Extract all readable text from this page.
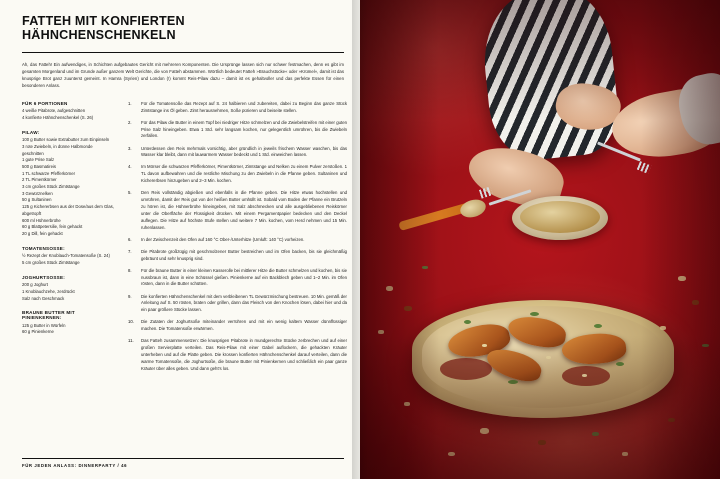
FATTEH MIT KONFIERTEN HÄHNCHENSCHENKELN

Ah, das Fatteh! Ein aufwendiges, in Schichten aufgebautes Gericht mit mehreren Komponenten. Die Ursprünge lassen sich nur schwer festmachen, denn es gibt im gesamten Morgenland und im Grunde außer ganzem Welt Gerichte, die von Fatteh abstammen. Wörtlich bedeutet Fatteh »Brauchstücke« oder »Krümel«, damit ist das knusprige Brot ganz zuunterst gemeint. In Hamra (Syrien) und London (!) kommt Reis-Pilaw dazu – damit ist es gehaltvoller und das perfekte Essen für einen besonderen Anlass.

FÜR 6 PORTIONEN

4 weiße Pitabrote, aufgeschnitten

4 konfierte Hähnchenschenkel (S. 26)

PILAW:

100 g Butter sowie Extrabutter zum Einpinseln

3 rote Zwiebeln, in dünne Halbmonde geschnitten

1 gute Prise Salz

500 g Basmatireis

1 TL schwarze Pfefferkörner

2 TL Pimentkörner

3 cm großes Stück Zimtstange

3 Gewürznelken

50 g Sultaninen

125 g Kichererbsen aus der Dose/aus dem Glas, abgetropft

600 ml Hühnerbrühe

60 g Blattpetersilie, fein gehackt

20 g Dill, fein gehackt

TOMATENSOSSE:

½ Rezept der Knoblauch-Tomatensoße (S. 24)

5 cm großes Stück Zimtstange

JOGHURTSOSSE:

200 g Joghurt

1 Knoblauchzehe, zerdrückt

Salz nach Geschmack

BRAUNE BUTTER MIT PINIENKERNEN:

125 g Butter in Würfeln

60 g Pinienkerne

1.	Für die Tomatensoße das Rezept auf S. 24 halbieren und zubereiten, dabei zu Beginn das ganze Stück Zimtstange ins Öl geben. Zimt herausnehmen, Soße pürieren und beiseite stellen.
2.	Für das Pilaw die Butter in einem Topf bei niedriger Hitze schmelzen und die Zwiebelstreifen mit einer guten Prise Salz hineingeben. Etwa 1 Std. sehr langsam kochen, nur gelegentlich umrühren, bis die Zwiebeln zerfallen.
3.	Unterdessen den Reis mehrmals vorsichtig, aber gründlich in jeweils frischem Wasser waschen, bis das Wasser klar bleibt, dann mit lauwarmem Wasser bedeckt und 1 Std. einweichen lassen.
4.	Im Mörser die schwarzen Pfefferkörner, Pimentkörner, Zimtstange und Nelken zu einem Pulver zerstoßen. 1 TL davon aufbewahren und die restliche Mischung zu den Zwiebeln in die Pfanne geben. Sultaninen und Kichererbsen hinzugeben und 2–3 Min. kochen.
5.	Den Reis vollständig abgießen und ebenfalls in die Pfanne geben. Die Hitze etwas hochstellen und umrühren, damit der Reis gut von der heißen Butter umhüllt ist. Sobald vom Boden der Pfanne ein Brutzeln zu hören ist, die Hühnerbrühe hineingeben, mit Salz abschmecken und alle ausgebliebenen Reiskörner unter die Oberfläche der Flüssigkeit drücken. Mit einem Pergamentpapier bedecken und den Deckel auflegen. Die Hitze auf höchste Stufe stellen und weitere 7 Min. kochen, vom Herd nehmen und 15 Min. ruhenlassen.
6.	In der Zwischenzeit den Ofen auf 160 °C Ober-/Unterhitze (Umluft: 140 °C) vorheizen.
7.	Die Pitabrote großzügig mit geschmolzener Butter bestreichen und im Ofen backen, bis sie gleichmäßig gebräunt und sehr knusprig sind.
8.	Für die braune Butter in einer kleinen Kasserolle bei mittlerer Hitze die Butter schmelzen und kochen, bis sie nussbraun ist, dann in eine Schüssel gießen. Pinienkerne auf ein Backblech geben und 1–2 Min. im Ofen rösten, dann in die Butter schütten.
9.	Die konfierten Hähnchenschenkel mit dem verbleibenen TL Gewürzmischung bestreuen. 10 Min. gemäß der Anleitung auf S. 50 rösten, braten oder grillen, dann das Fleisch von den Knochen lösen, dabei hier und da ein paar größere Stücke lassen.
10.	Die Zutaten der Joghurtsoße miteinander verrühren und mit ein wenig kaltem Wasser dünnflüssiger machen. Die Tomatensoße erwärmen.
11.	Das Fatteh zusammensetzen: Die knusprigen Pitabrote in mundgerechte Stücke zerbrechen und auf einer großen Servierplatte verteilen. Das Reis-Pilaw mit einer Gabel auflockern, die gehackten Kräuter unterheben und auf die Platte geben. Die krossen konfierten Hähnchenschenkel darauf verteilen, dann die warme Tomatensoße, die Joghurtsoße, die braune Butter mit Pinienkernen und schließlich ein paar ganze Kräuter über alles geben. Und dann geht's los.
FÜR JEDEN ANLASS: DINNERPARTY / 46
